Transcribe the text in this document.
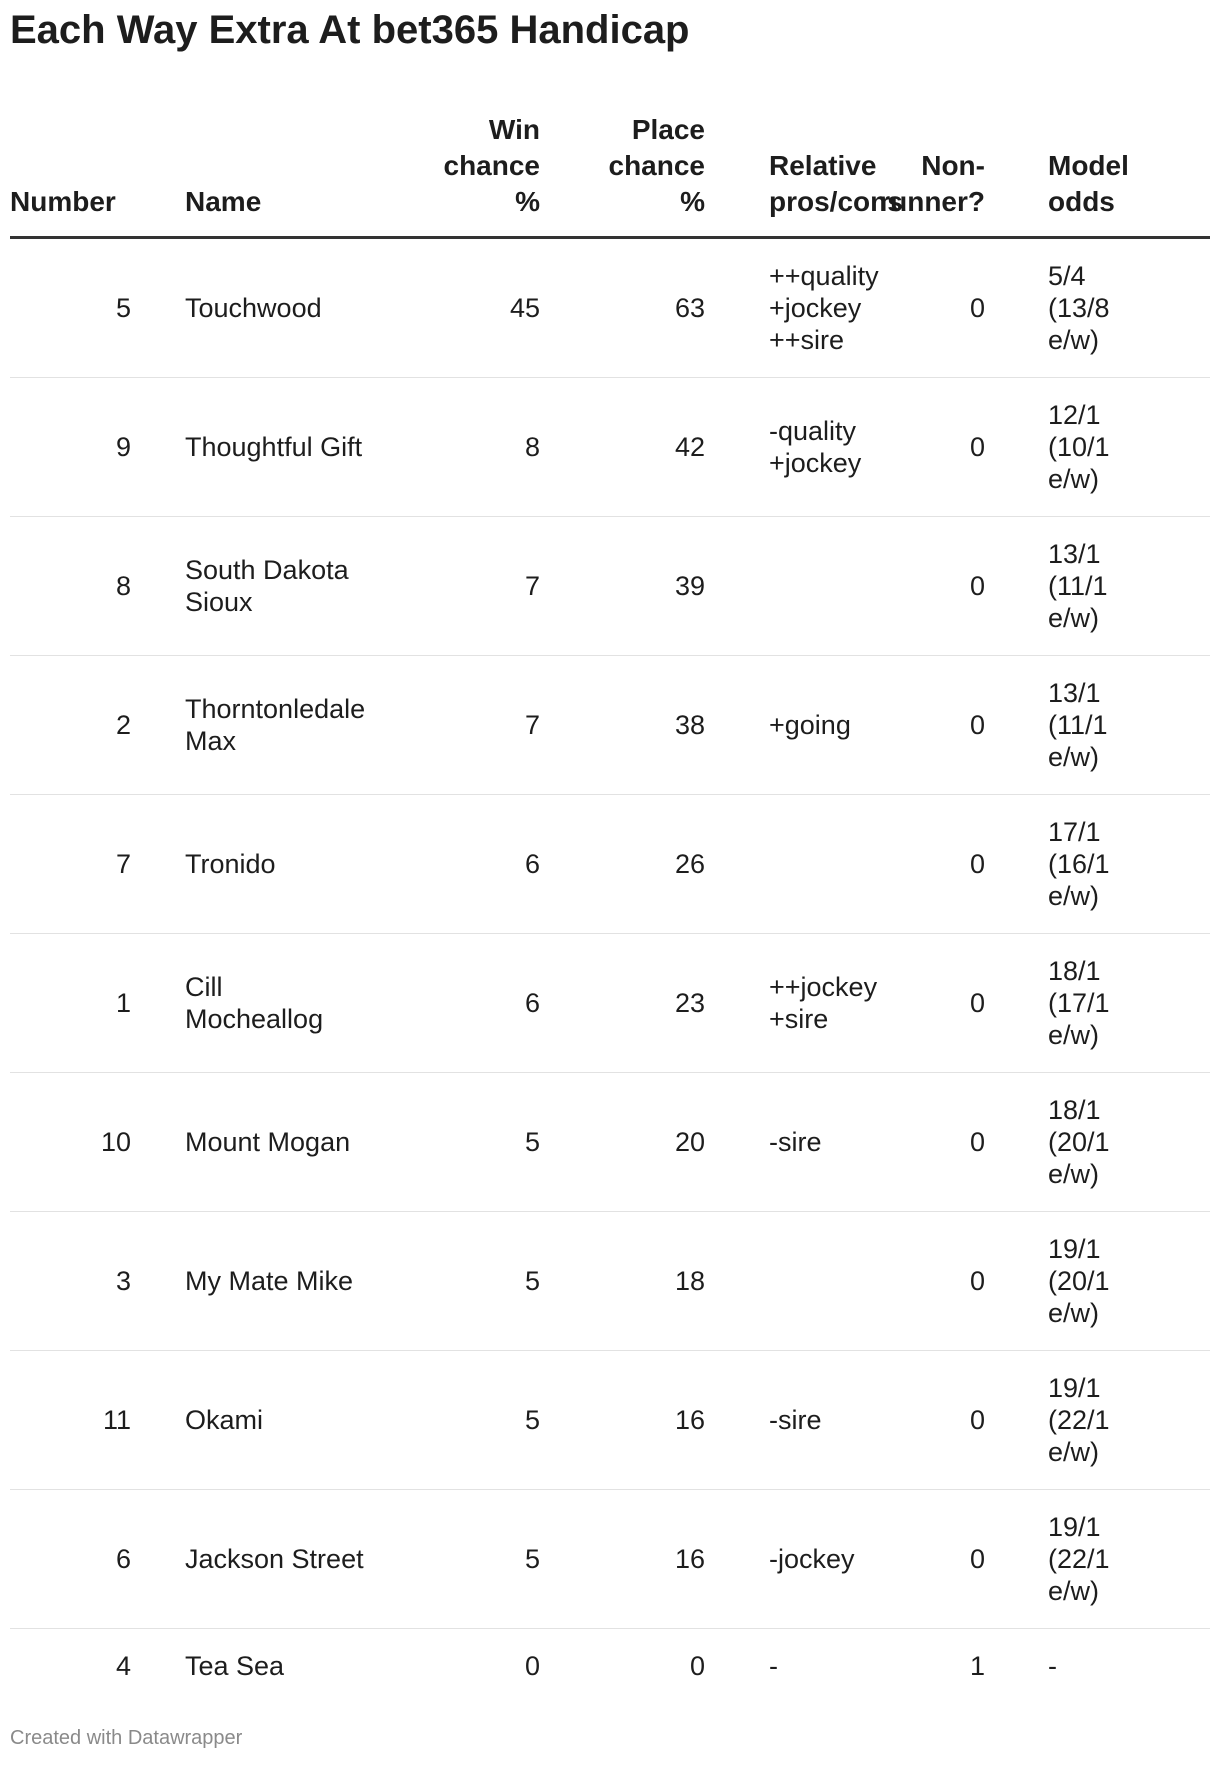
Each Way Extra At bet365 Handicap
Number	Name	Win
chance
%	Place
chance
%	Relative
pros/cons	Non-
runner?	Model
odds

5	Touchwood	45	63	++quality
+jockey
++sire	0	5/4
(13/8
e/w)

9	Thoughtful Gift	8	42	-quality
+jockey	0	12/1
(10/1
e/w)

8	South Dakota
Sioux	7	39		0	13/1
(11/1
e/w)

2	Thorntonledale
Max	7	38	+going	0	13/1
(11/1
e/w)

7	Tronido	6	26		0	17/1
(16/1
e/w)

1	Cill
Mocheallog	6	23	++jockey
+sire	0	18/1
(17/1
e/w)

10	Mount Mogan	5	20	-sire	0	18/1
(20/1
e/w)

3	My Mate Mike	5	18		0	19/1
(20/1
e/w)

11	Okami	5	16	-sire	0	19/1
(22/1
e/w)

6	Jackson Street	5	16	-jockey	0	19/1
(22/1
e/w)

4	Tea Sea	0	0	-	1	-
Created with Datawrapper
